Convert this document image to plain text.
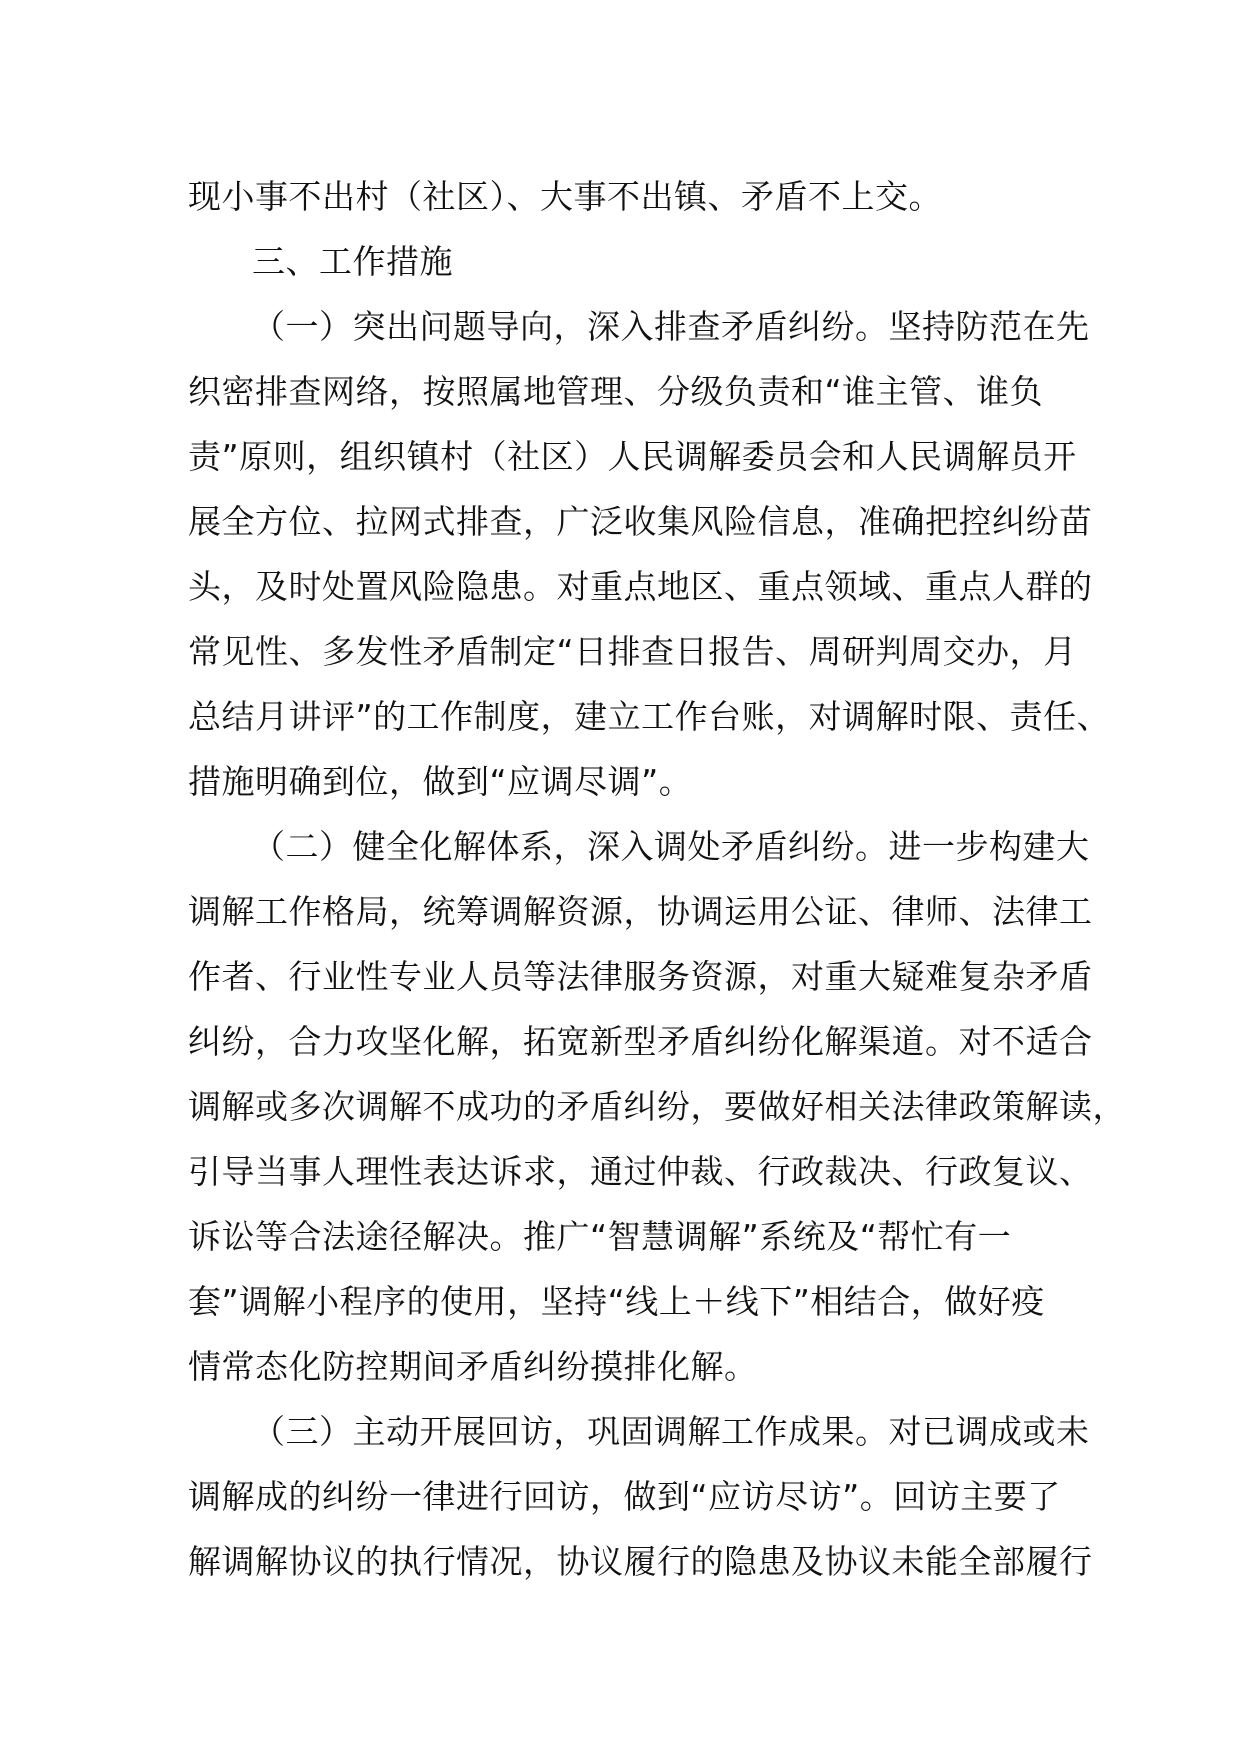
现小事不出村（社区）、大事不出镇、矛盾不上交。
三、工作措施
（一）突出问题导向，深入排查矛盾纠纷。坚持防范在先
织密排查网络，按照属地管理、分级负责和“谁主管、谁负
责”原则，组织镇村（社区）人民调解委员会和人民调解员开
展全方位、拉网式排查，广泛收集风险信息，准确把控纠纷苗
头，及时处置风险隐患。对重点地区、重点领域、重点人群的
常见性、多发性矛盾制定“日排查日报告、周研判周交办，月
总结月讲评”的工作制度，建立工作台账，对调解时限、责任、
措施明确到位，做到“应调尽调”。
（二）健全化解体系，深入调处矛盾纠纷。进一步构建大
调解工作格局，统筹调解资源，协调运用公证、律师、法律工
作者、行业性专业人员等法律服务资源，对重大疑难复杂矛盾
纠纷，合力攻坚化解，拓宽新型矛盾纠纷化解渠道。对不适合
调解或多次调解不成功的矛盾纠纷，要做好相关法律政策解读，
引导当事人理性表达诉求，通过仲裁、行政裁决、行政复议、
诉讼等合法途径解决。推广“智慧调解”系统及“帮忙有一
套”调解小程序的使用，坚持“线上＋线下”相结合，做好疫
情常态化防控期间矛盾纠纷摸排化解。
（三）主动开展回访，巩固调解工作成果。对已调成或未
调解成的纠纷一律进行回访，做到“应访尽访”。回访主要了
解调解协议的执行情况，协议履行的隐患及协议未能全部履行
